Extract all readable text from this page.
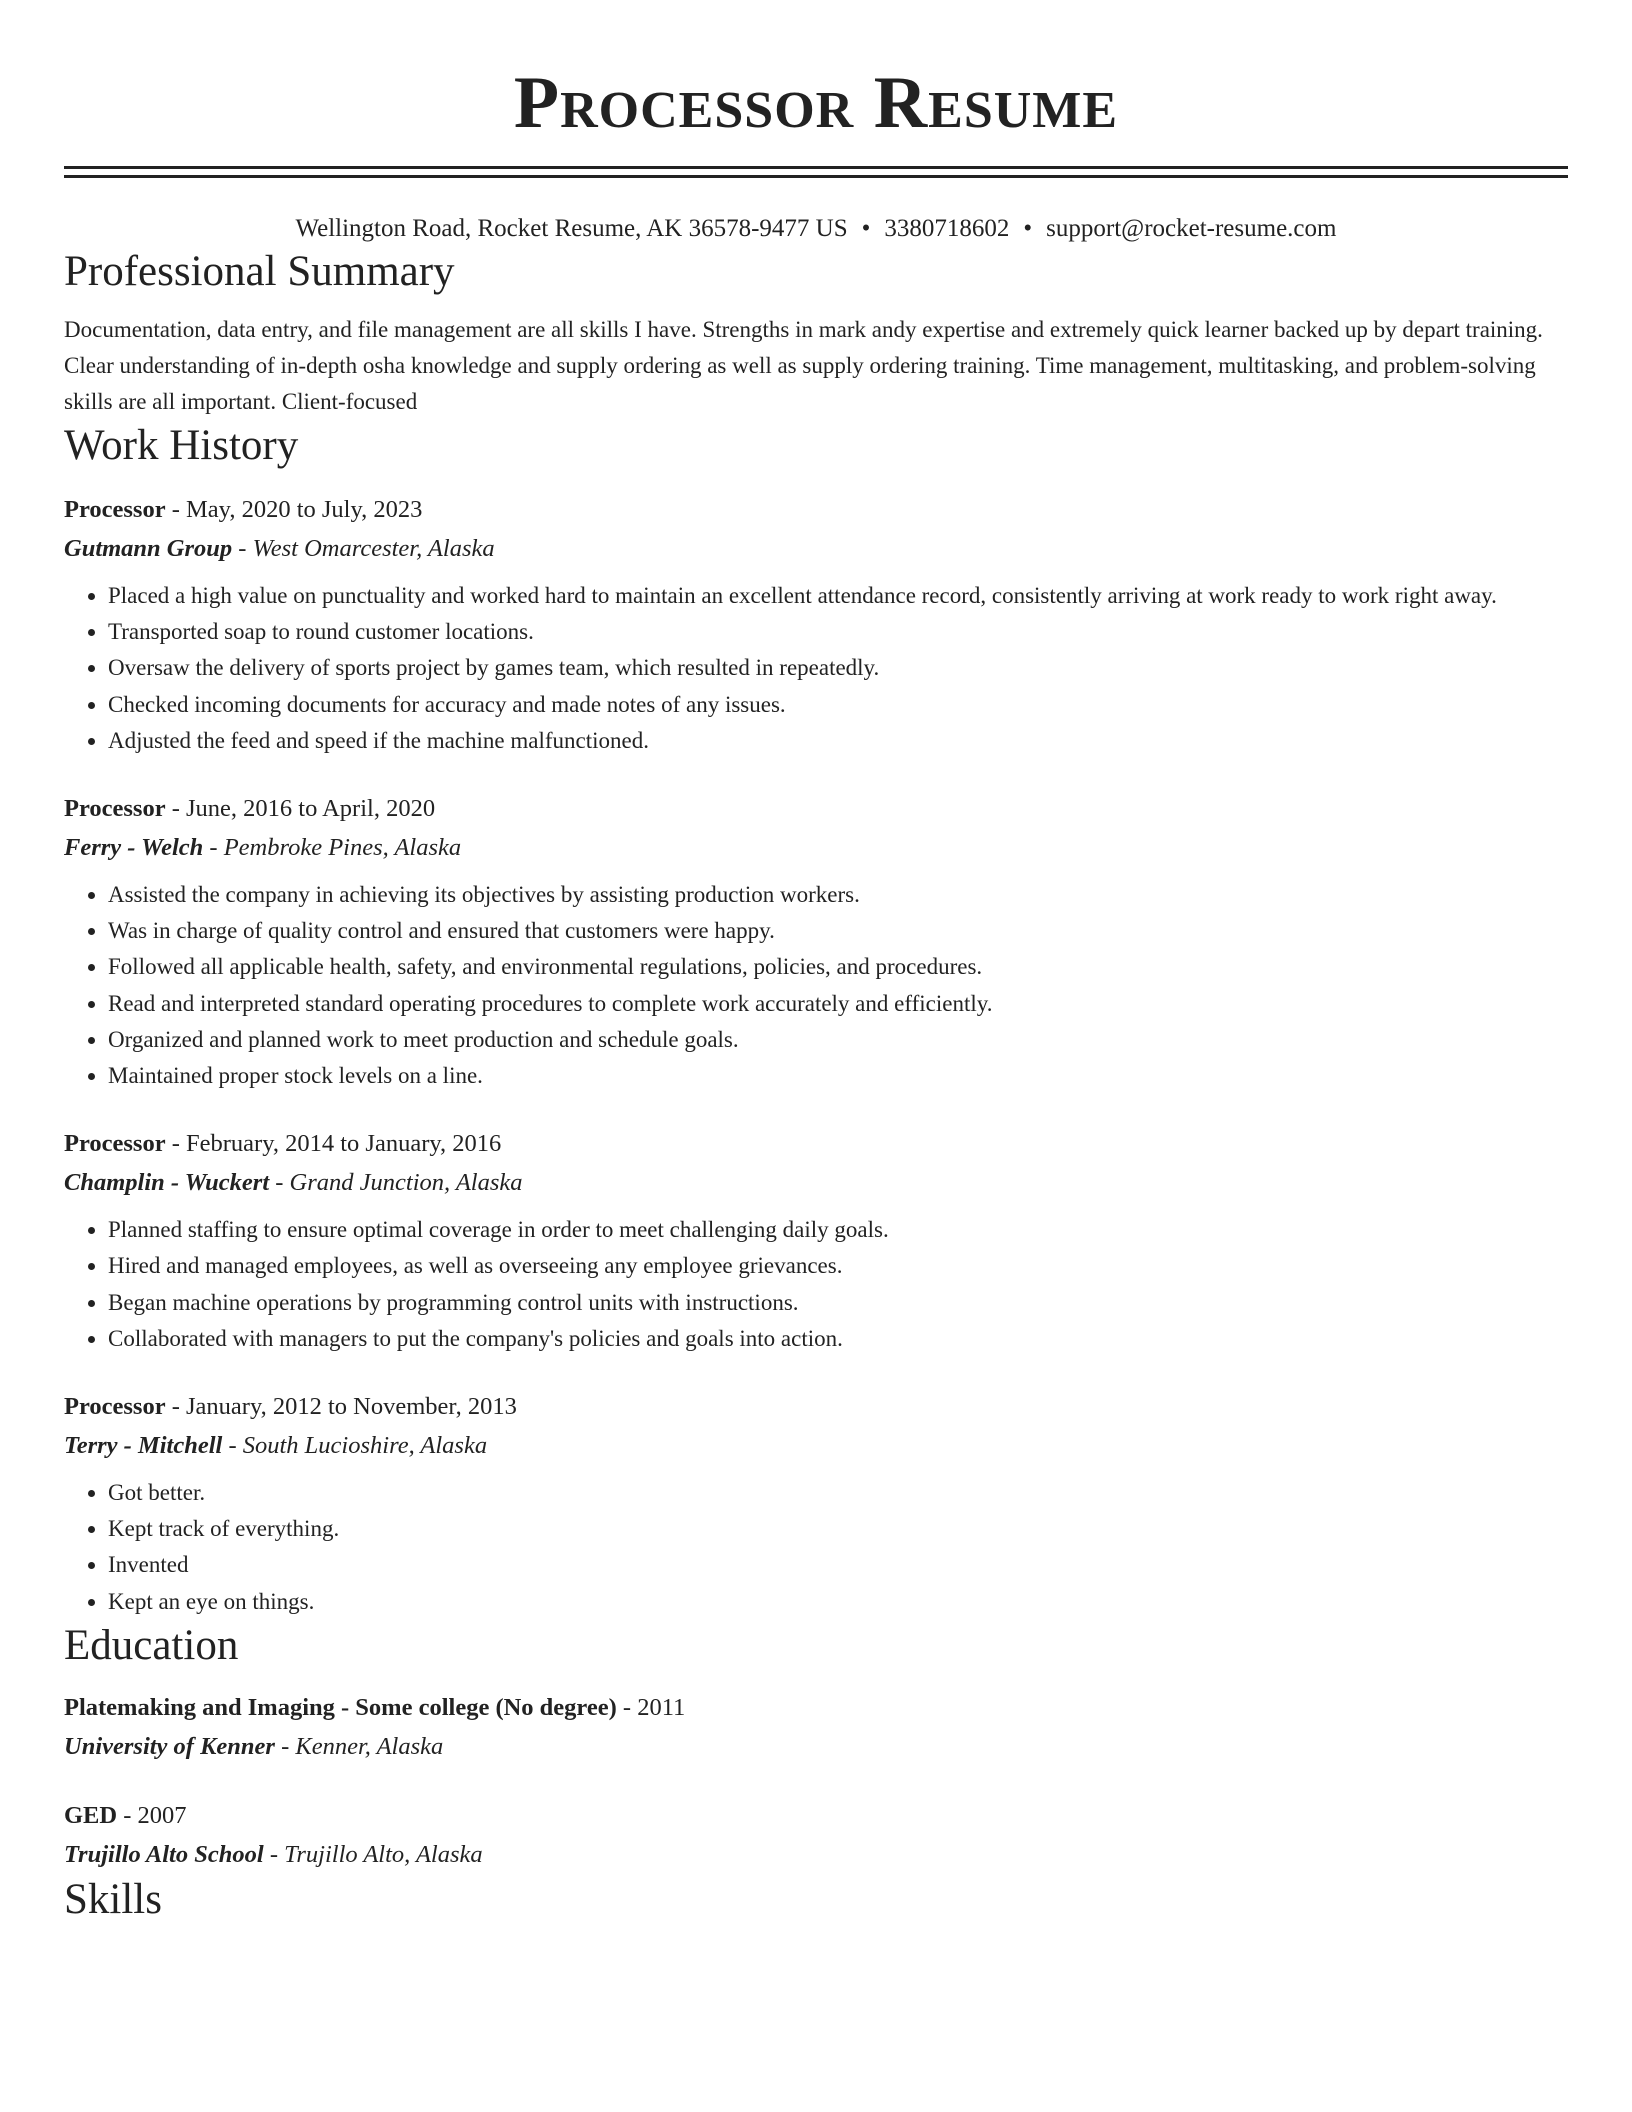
Processor Resume
Wellington Road, Rocket Resume, AK 36578-9477 US • 3380718602 • support@rocket-resume.com
Professional Summary
Documentation, data entry, and file management are all skills I have. Strengths in mark andy expertise and extremely quick learner backed up by depart training. Clear understanding of in-depth osha knowledge and supply ordering as well as supply ordering training. Time management, multitasking, and problem-solving skills are all important. Client-focused
Work History
Processor - May, 2020 to July, 2023
Gutmann Group - West Omarcester, Alaska
• Placed a high value on punctuality and worked hard to maintain an excellent attendance record, consistently arriving at work ready to work right away.
• Transported soap to round customer locations.
• Oversaw the delivery of sports project by games team, which resulted in repeatedly.
• Checked incoming documents for accuracy and made notes of any issues.
• Adjusted the feed and speed if the machine malfunctioned.
Processor - June, 2016 to April, 2020
Ferry - Welch - Pembroke Pines, Alaska
• Assisted the company in achieving its objectives by assisting production workers.
• Was in charge of quality control and ensured that customers were happy.
• Followed all applicable health, safety, and environmental regulations, policies, and procedures.
• Read and interpreted standard operating procedures to complete work accurately and efficiently.
• Organized and planned work to meet production and schedule goals.
• Maintained proper stock levels on a line.
Processor - February, 2014 to January, 2016
Champlin - Wuckert - Grand Junction, Alaska
• Planned staffing to ensure optimal coverage in order to meet challenging daily goals.
• Hired and managed employees, as well as overseeing any employee grievances.
• Began machine operations by programming control units with instructions.
• Collaborated with managers to put the company's policies and goals into action.
Processor - January, 2012 to November, 2013
Terry - Mitchell - South Lucioshire, Alaska
• Got better.
• Kept track of everything.
• Invented
• Kept an eye on things.
Education
Platemaking and Imaging - Some college (No degree) - 2011
University of Kenner - Kenner, Alaska
GED - 2007
Trujillo Alto School - Trujillo Alto, Alaska
Skills
